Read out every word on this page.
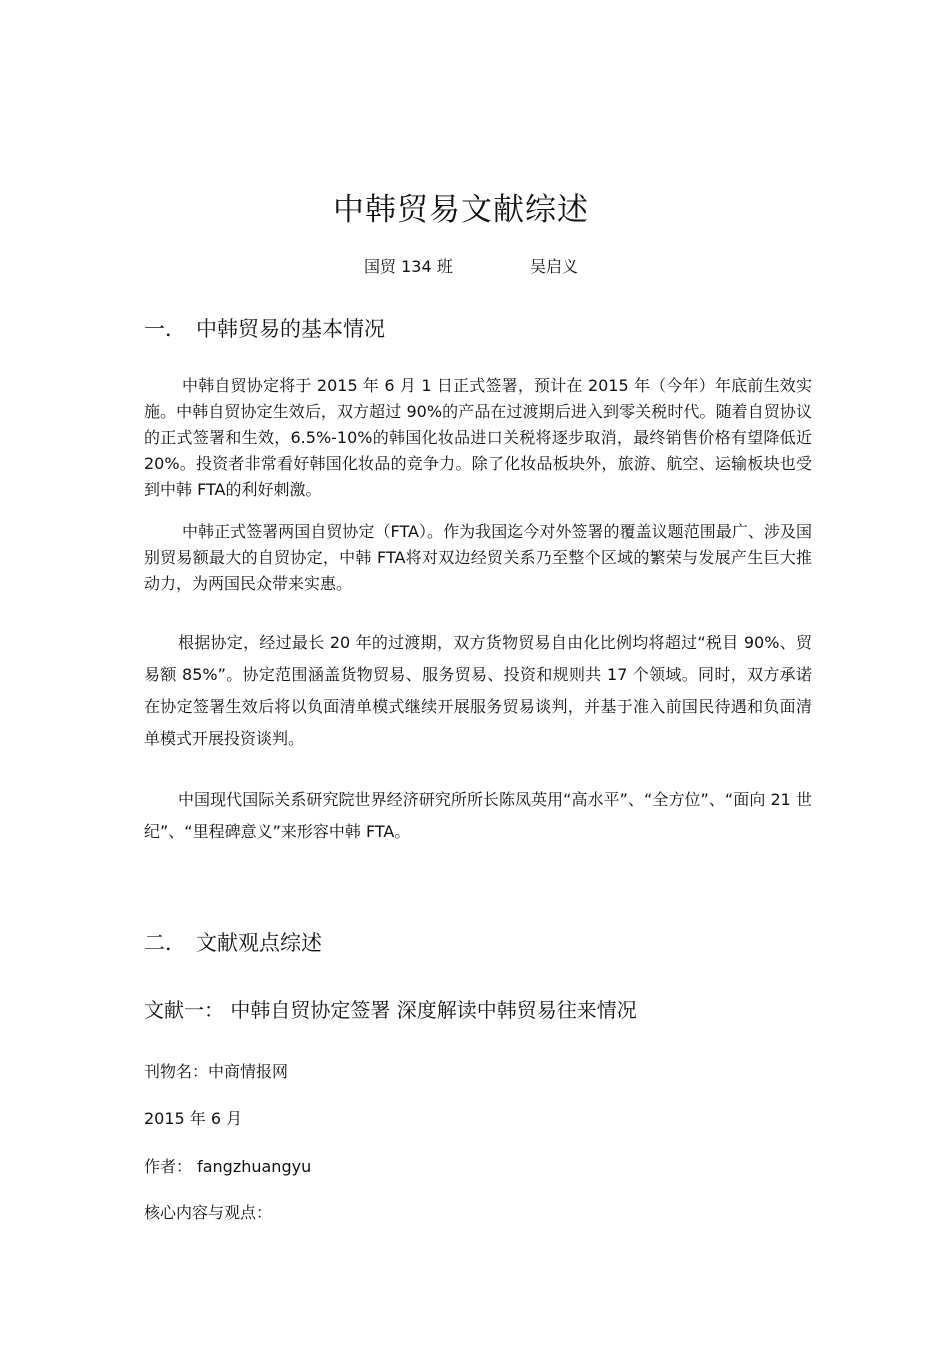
中韩贸易文献综述
国贸 134 班	吴启义
一． 中韩贸易的基本情况
中韩自贸协定将于 2015 年 6 月 1 日正式签署，预计在 2015 年（今年）年底前生效实施。中韩自贸协定生效后，双方超过 90%的产品在过渡期后进入到零关税时代。随着自贸协议的正式签署和生效，6.5%-10%的韩国化妆品进口关税将逐步取消，最终销售价格有望降低近 20%。投资者非常看好韩国化妆品的竞争力。除了化妆品板块外，旅游、航空、运输板块也受到中韩 FTA的利好刺激。
中韩正式签署两国自贸协定（FTA）。作为我国迄今对外签署的覆盖议题范围最广、涉及国别贸易额最大的自贸协定，中韩 FTA将对双边经贸关系乃至整个区域的繁荣与发展产生巨大推动力，为两国民众带来实惠。
根据协定，经过最长 20 年的过渡期，双方货物贸易自由化比例均将超过“税目 90%、贸易额 85%”。协定范围涵盖货物贸易、服务贸易、投资和规则共 17 个领域。同时，双方承诺在协定签署生效后将以负面清单模式继续开展服务贸易谈判，并基于准入前国民待遇和负面清单模式开展投资谈判。
中国现代国际关系研究院世界经济研究所所长陈凤英用“高水平”、“全方位”、“面向 21 世纪”、“里程碑意义”来形容中韩 FTA。
二． 文献观点综述
文献一： 中韩自贸协定签署 深度解读中韩贸易往来情况
刊物名：中商情报网
2015 年 6 月
作者： fangzhuangyu
核心内容与观点：
